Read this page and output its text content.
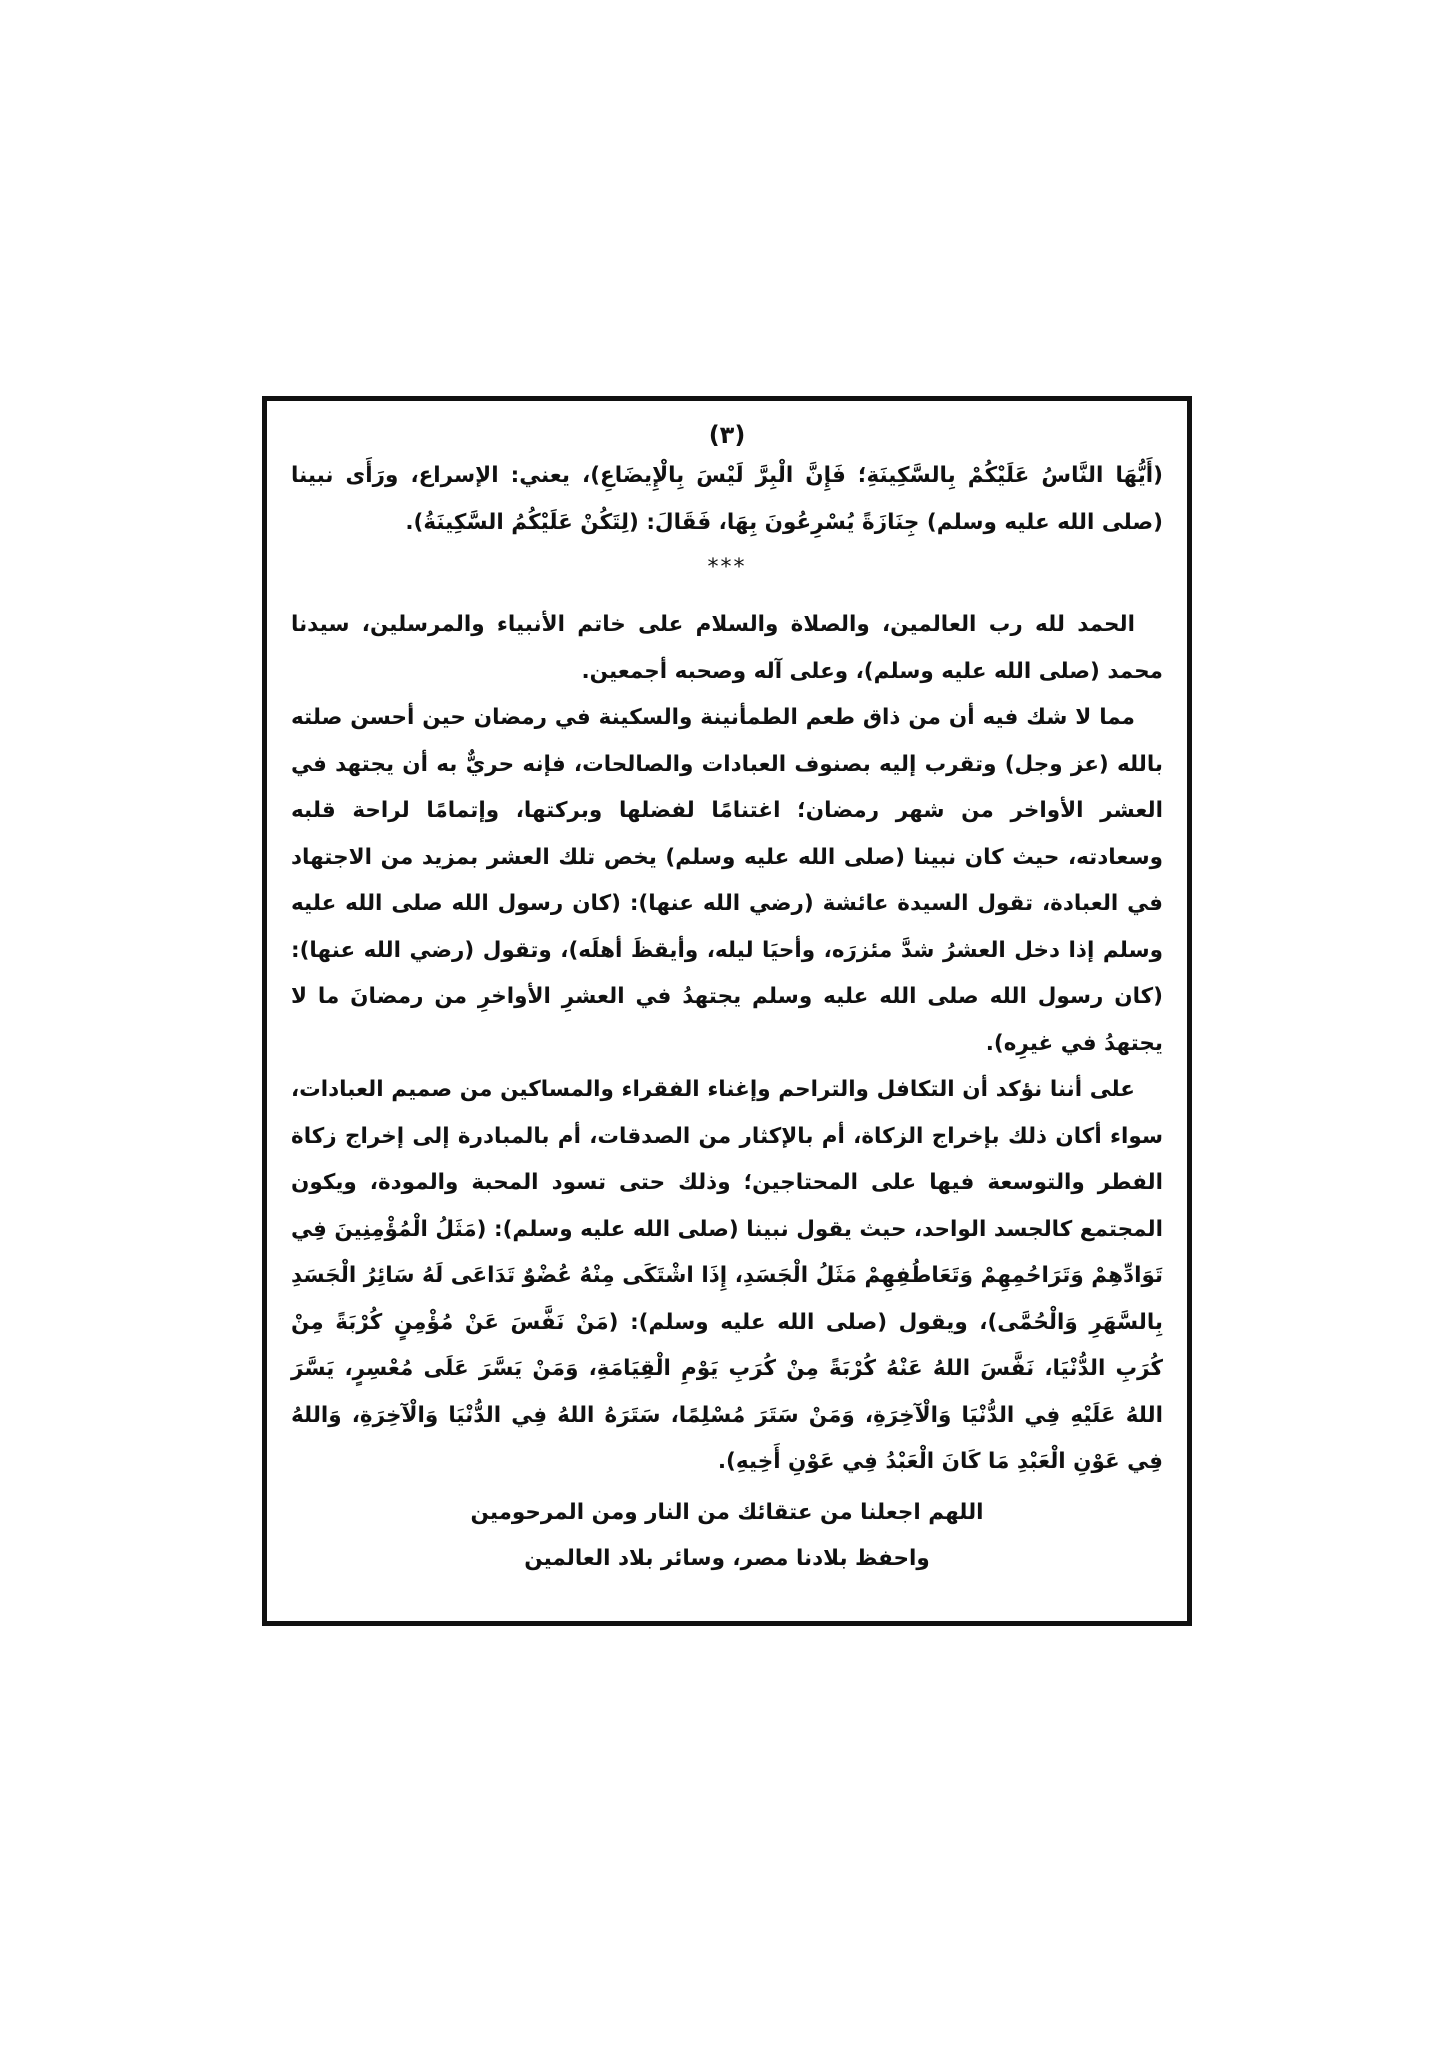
(٣)

(أَيُّهَا النَّاسُ عَلَيْكُمْ بِالسَّكِينَةِ؛ فَإِنَّ الْبِرَّ لَيْسَ بِالْإِيضَاعِ)، يعني: الإسراع، ورَأَى نبينا (صلى الله عليه وسلم) جِنَازَةً يُسْرِعُونَ بِهَا، فَقَالَ: (لِتَكُنْ عَلَيْكُمُ السَّكِينَةُ).

***

الحمد لله رب العالمين، والصلاة والسلام على خاتم الأنبياء والمرسلين، سيدنا محمد (صلى الله عليه وسلم)، وعلى آله وصحبه أجمعين.

مما لا شك فيه أن من ذاق طعم الطمأنينة والسكينة في رمضان حين أحسن صلته بالله (عز وجل) وتقرب إليه بصنوف العبادات والصالحات، فإنه حريٌّ به أن يجتهد في العشر الأواخر من شهر رمضان؛ اغتنامًا لفضلها وبركتها، وإتمامًا لراحة قلبه وسعادته، حيث كان نبينا (صلى الله عليه وسلم) يخص تلك العشر بمزيد من الاجتهاد في العبادة، تقول السيدة عائشة (رضي الله عنها): (كان رسول الله صلى الله عليه وسلم إذا دخل العشرُ شدَّ مئزرَه، وأحيَا ليله، وأيقظَ أهلَه)، وتقول (رضي الله عنها): (كان رسول الله صلى الله عليه وسلم يجتهدُ في العشرِ الأواخرِ من رمضانَ ما لا يجتهدُ في غيرِه).

على أننا نؤكد أن التكافل والتراحم وإغناء الفقراء والمساكين من صميم العبادات، سواء أكان ذلك بإخراج الزكاة، أم بالإكثار من الصدقات، أم بالمبادرة إلى إخراج زكاة الفطر والتوسعة فيها على المحتاجين؛ وذلك حتى تسود المحبة والمودة، ويكون المجتمع كالجسد الواحد، حيث يقول نبينا (صلى الله عليه وسلم): (مَثَلُ الْمُؤْمِنِينَ فِي تَوَادِّهِمْ وَتَرَاحُمِهِمْ وَتَعَاطُفِهِمْ مَثَلُ الْجَسَدِ، إِذَا اشْتَكَى مِنْهُ عُضْوٌ تَدَاعَى لَهُ سَائِرُ الْجَسَدِ بِالسَّهَرِ وَالْحُمَّى)، ويقول (صلى الله عليه وسلم): (مَنْ نَفَّسَ عَنْ مُؤْمِنٍ كُرْبَةً مِنْ كُرَبِ الدُّنْيَا، نَفَّسَ اللهُ عَنْهُ كُرْبَةً مِنْ كُرَبِ يَوْمِ الْقِيَامَةِ، وَمَنْ يَسَّرَ عَلَى مُعْسِرٍ، يَسَّرَ اللهُ عَلَيْهِ فِي الدُّنْيَا وَالْآخِرَةِ، وَمَنْ سَتَرَ مُسْلِمًا، سَتَرَهُ اللهُ فِي الدُّنْيَا وَالْآخِرَةِ، وَاللهُ فِي عَوْنِ الْعَبْدِ مَا كَانَ الْعَبْدُ فِي عَوْنِ أَخِيهِ).

اللهم اجعلنا من عتقائك من النار ومن المرحومين

واحفظ بلادنا مصر، وسائر بلاد العالمين
